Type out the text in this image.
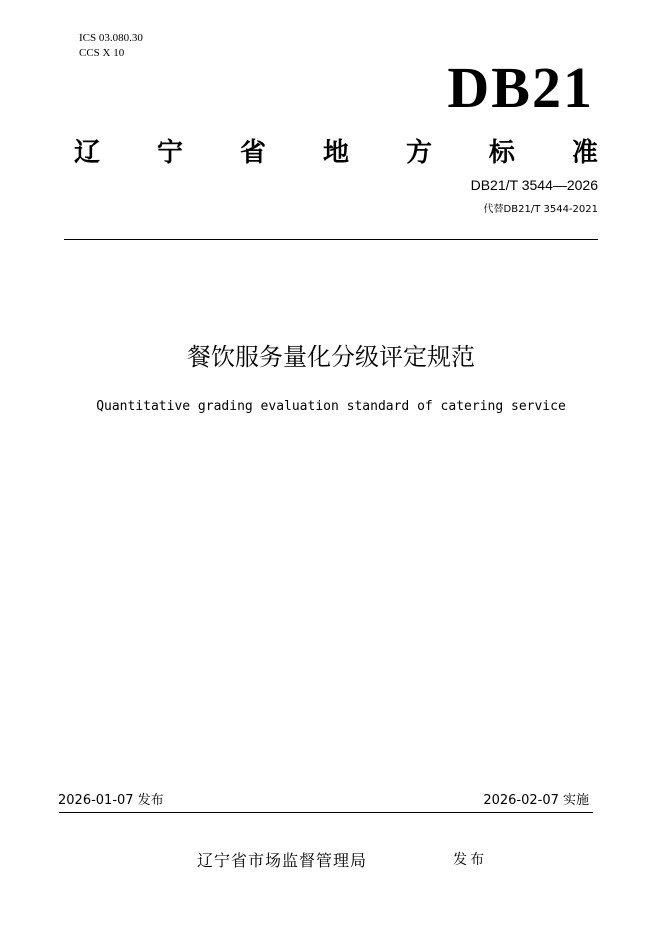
ICS 03.080.30
CCS X 10
DB21
辽 宁 省 地 方 标 准
DB21/T 3544—2026
代替DB21/T 3544-2021
餐饮服务量化分级评定规范
Quantitative grading evaluation standard of catering service
2026-01-07 发布	2026-02-07 实施
辽宁省市场监督管理局	发布
